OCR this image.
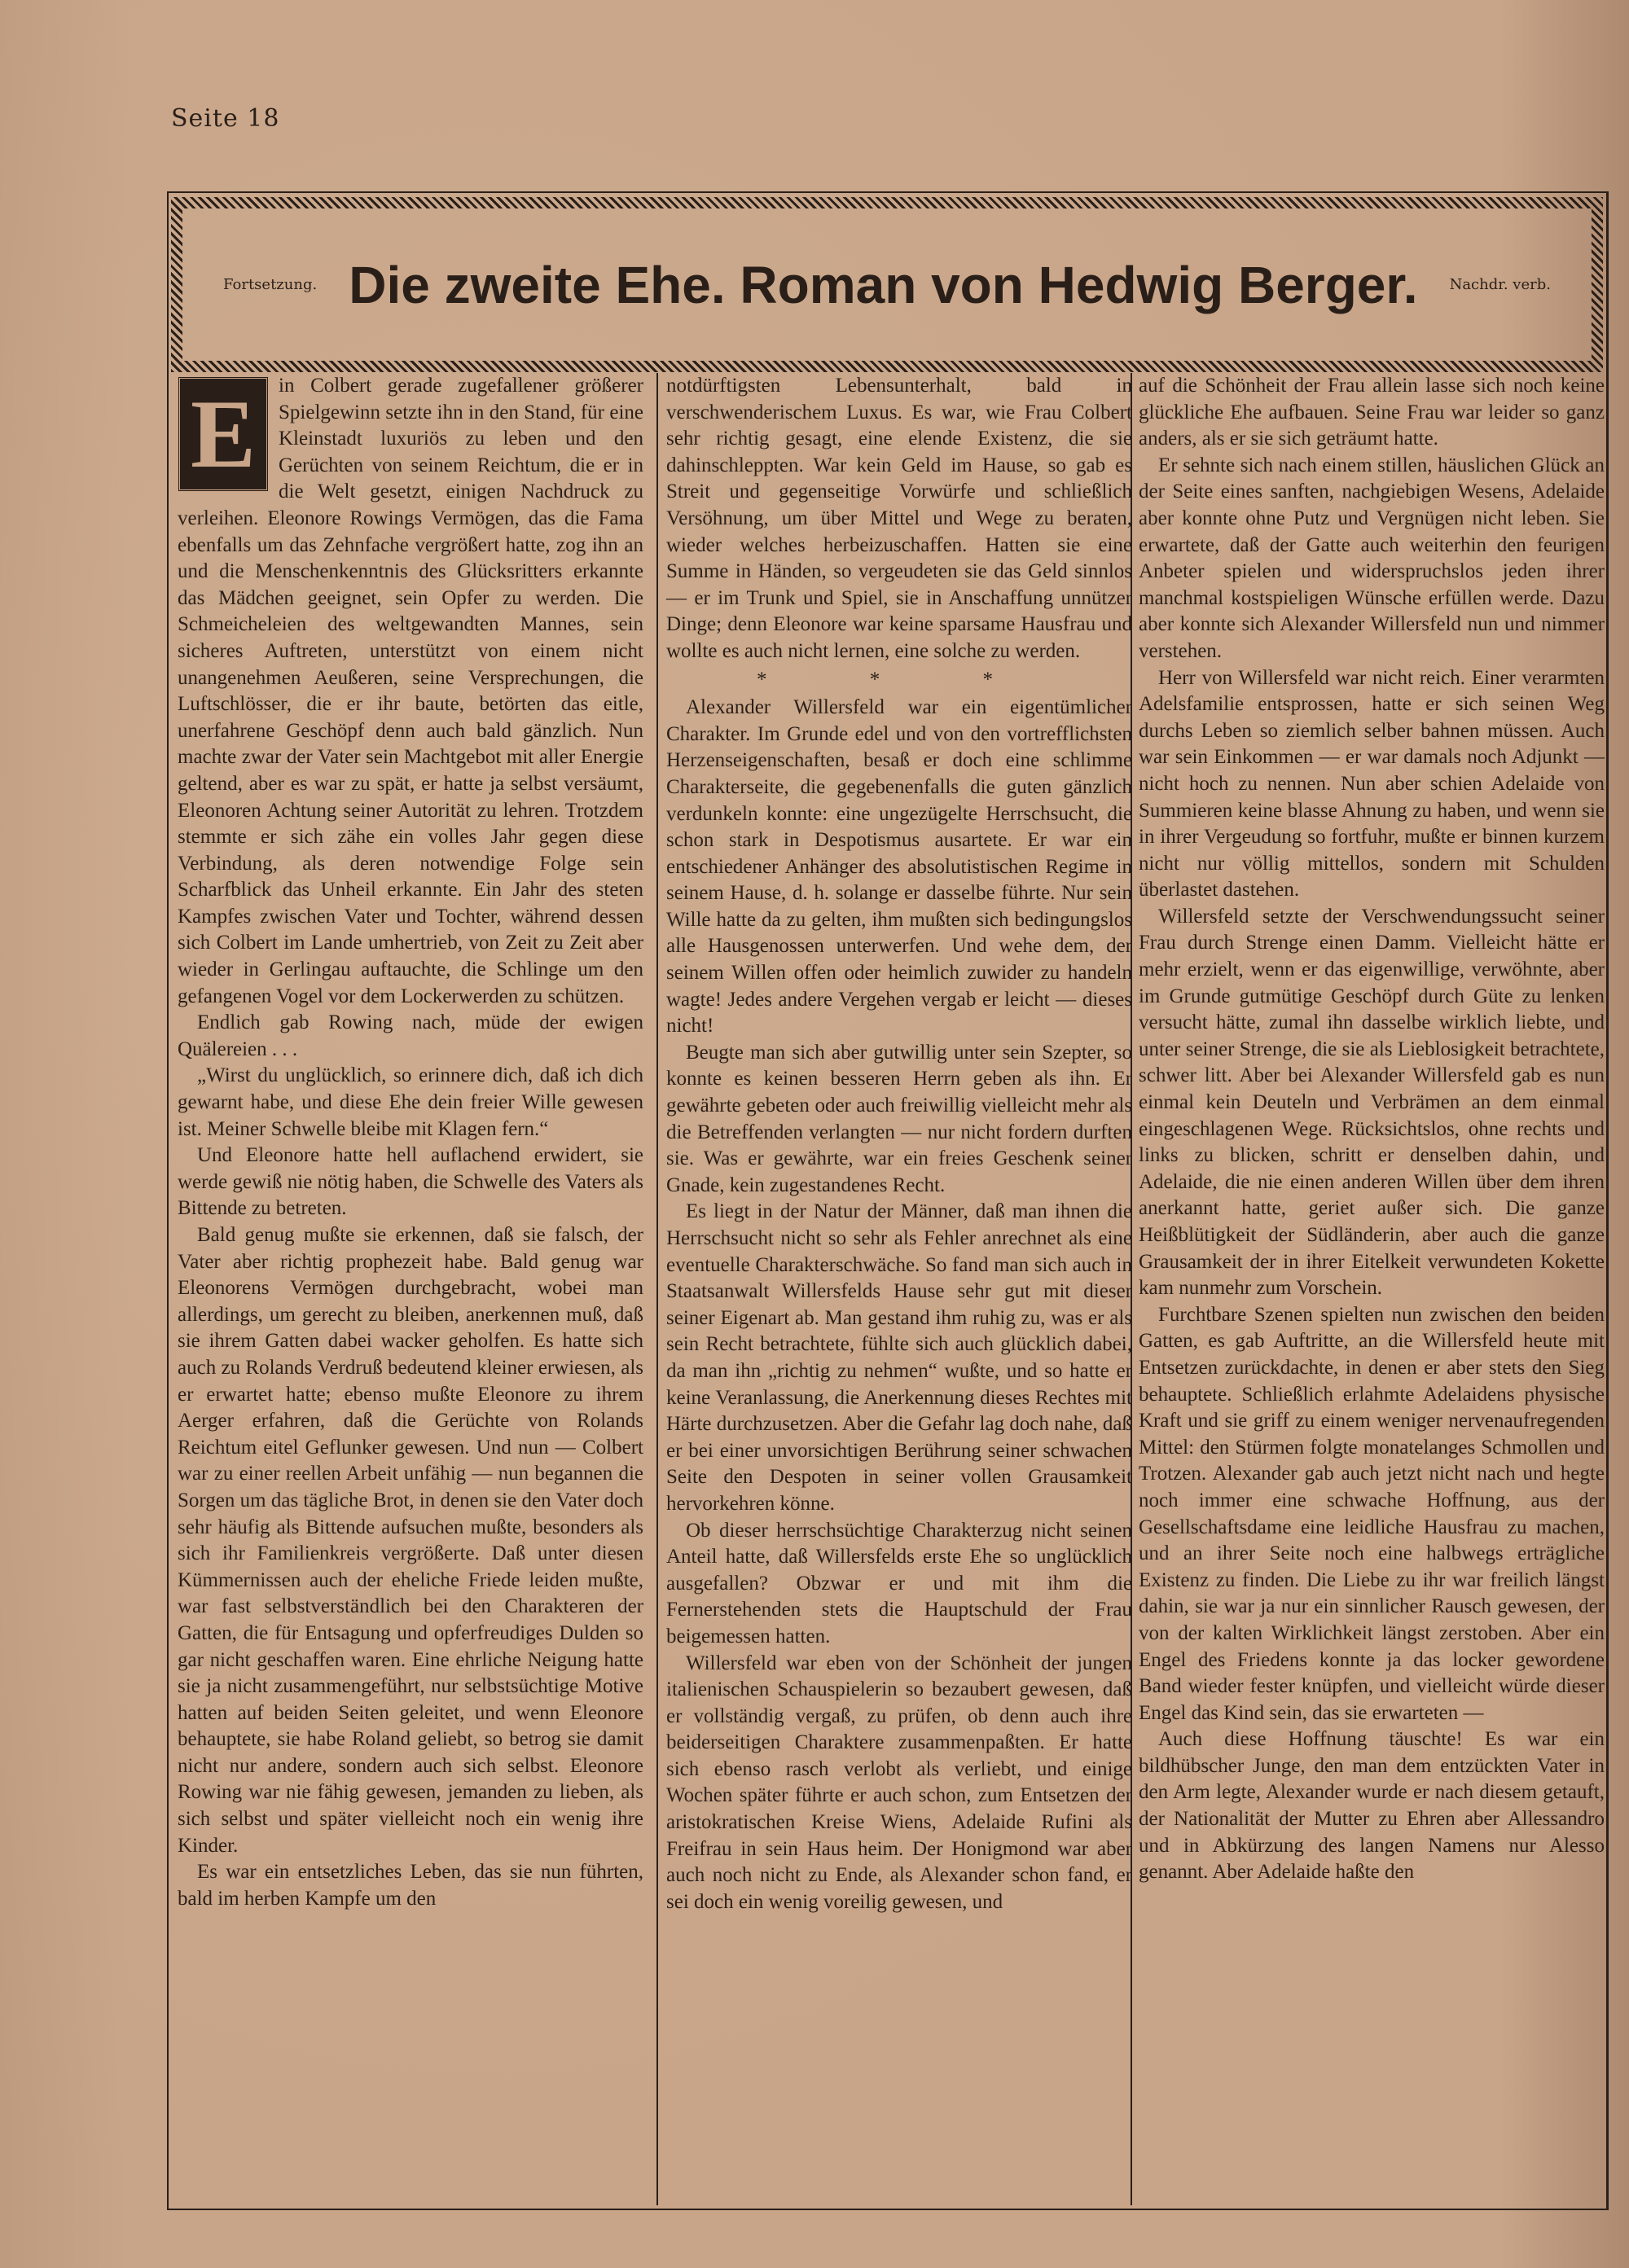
Seite 18
Fortsetzung. Die zweite Ehe. Roman von Hedwig Berger. Nachdr. verb.
E	in Colbert gerade zugefallener größerer Spielgewinn setzte ihn in den Stand, für eine Kleinstadt luxuriös zu leben und den Gerüchten von seinem Reichtum, die er in die Welt gesetzt, einigen Nachdruck zu verleihen. Eleonore Rowings Vermögen, das die Fama ebenfalls um das Zehnfache vergrößert hatte, zog ihn an und die Menschenkenntnis des Glücksritters erkannte das Mädchen geeignet, sein Opfer zu werden. Die Schmeicheleien des weltgewandten Mannes, sein sicheres Auftreten, unterstützt von einem nicht unangenehmen Aeußeren, seine Versprechungen, die Luftschlösser, die er ihr baute, betörten das eitle, unerfahrene Geschöpf denn auch bald gänzlich. Nun machte zwar der Vater sein Machtgebot mit aller Energie geltend, aber es war zu spät, er hatte ja selbst versäumt, Eleonoren Achtung seiner Autorität zu lehren. Trotzdem stemmte er sich zähe ein volles Jahr gegen diese Verbindung, als deren notwendige Folge sein Scharfblick das Unheil erkannte. Ein Jahr des steten Kampfes zwischen Vater und Tochter, während dessen sich Colbert im Lande umhertrieb, von Zeit zu Zeit aber wieder in Gerlingau auftauchte, die Schlinge um den gefangenen Vogel vor dem Lockerwerden zu schützen.

Endlich gab Rowing nach, müde der ewigen Quälereien . . .

„Wirst du unglücklich, so erinnere dich, daß ich dich gewarnt habe, und diese Ehe dein freier Wille gewesen ist. Meiner Schwelle bleibe mit Klagen fern.“

Und Eleonore hatte hell auflachend erwidert, sie werde gewiß nie nötig haben, die Schwelle des Vaters als Bittende zu betreten.

Bald genug mußte sie erkennen, daß sie falsch, der Vater aber richtig prophezeit habe. Bald genug war Eleonorens Vermögen durchgebracht, wobei man allerdings, um gerecht zu bleiben, anerkennen muß, daß sie ihrem Gatten dabei wacker geholfen. Es hatte sich auch zu Rolands Verdruß bedeutend kleiner erwiesen, als er erwartet hatte; ebenso mußte Eleonore zu ihrem Aerger erfahren, daß die Gerüchte von Rolands Reichtum eitel Geflunker gewesen. Und nun — Colbert war zu einer reellen Arbeit unfähig — nun begannen die Sorgen um das tägliche Brot, in denen sie den Vater doch sehr häufig als Bittende aufsuchen mußte, besonders als sich ihr Familienkreis vergrößerte. Daß unter diesen Kümmernissen auch der eheliche Friede leiden mußte, war fast selbstverständlich bei den Charakteren der Gatten, die für Entsagung und opferfreudiges Dulden so gar nicht geschaffen waren. Eine ehrliche Neigung hatte sie ja nicht zusammengeführt, nur selbstsüchtige Motive hatten auf beiden Seiten geleitet, und wenn Eleonore behauptete, sie habe Roland geliebt, so betrog sie damit nicht nur andere, sondern auch sich selbst. Eleonore Rowing war nie fähig gewesen, jemanden zu lieben, als sich selbst und später vielleicht noch ein wenig ihre Kinder.

Es war ein entsetzliches Leben, das sie nun führten, bald im herben Kampfe um den

notdürftigsten Lebensunterhalt, bald in verschwenderischem Luxus. Es war, wie Frau Colbert sehr richtig gesagt, eine elende Existenz, die sie dahinschleppten. War kein Geld im Hause, so gab es Streit und gegenseitige Vorwürfe und schließlich Versöhnung, um über Mittel und Wege zu beraten, wieder welches herbeizuschaffen. Hatten sie eine Summe in Händen, so vergeudeten sie das Geld sinnlos — er im Trunk und Spiel, sie in Anschaffung unnützer Dinge; denn Eleonore war keine sparsame Hausfrau und wollte es auch nicht lernen, eine solche zu werden.

* * *

Alexander Willersfeld war ein eigentümlicher Charakter. Im Grunde edel und von den vortrefflichsten Herzenseigenschaften, besaß er doch eine schlimme Charakterseite, die gegebenenfalls die guten gänzlich verdunkeln konnte: eine ungezügelte Herrschsucht, die schon stark in Despotismus ausartete. Er war ein entschiedener Anhänger des absolutistischen Regime in seinem Hause, d. h. solange er dasselbe führte. Nur sein Wille hatte da zu gelten, ihm mußten sich bedingungslos alle Hausgenossen unterwerfen. Und wehe dem, der seinem Willen offen oder heimlich zuwider zu handeln wagte! Jedes andere Vergehen vergab er leicht — dieses nicht!

Beugte man sich aber gutwillig unter sein Szepter, so konnte es keinen besseren Herrn geben als ihn. Er gewährte gebeten oder auch freiwillig vielleicht mehr als die Betreffenden verlangten — nur nicht fordern durften sie. Was er gewährte, war ein freies Geschenk seiner Gnade, kein zugestandenes Recht.

Es liegt in der Natur der Männer, daß man ihnen die Herrschsucht nicht so sehr als Fehler anrechnet als eine eventuelle Charakterschwäche. So fand man sich auch in Staatsanwalt Willersfelds Hause sehr gut mit dieser seiner Eigenart ab. Man gestand ihm ruhig zu, was er als sein Recht betrachtete, fühlte sich auch glücklich dabei, da man ihn „richtig zu nehmen“ wußte, und so hatte er keine Veranlassung, die Anerkennung dieses Rechtes mit Härte durchzusetzen. Aber die Gefahr lag doch nahe, daß er bei einer unvorsichtigen Berührung seiner schwachen Seite den Despoten in seiner vollen Grausamkeit hervorkehren könne.

Ob dieser herrschsüchtige Charakterzug nicht seinen Anteil hatte, daß Willersfelds erste Ehe so unglücklich ausgefallen? Obzwar er und mit ihm die Fernerstehenden stets die Hauptschuld der Frau beigemessen hatten.

Willersfeld war eben von der Schönheit der jungen italienischen Schauspielerin so bezaubert gewesen, daß er vollständig vergaß, zu prüfen, ob denn auch ihre beiderseitigen Charaktere zusammenpaßten. Er hatte sich ebenso rasch verlobt als verliebt, und einige Wochen später führte er auch schon, zum Entsetzen der aristokratischen Kreise Wiens, Adelaide Rufini als Freifrau in sein Haus heim. Der Honigmond war aber auch noch nicht zu Ende, als Alexander schon fand, er sei doch ein wenig voreilig gewesen, und

auf die Schönheit der Frau allein lasse sich noch keine glückliche Ehe aufbauen. Seine Frau war leider so ganz anders, als er sie sich geträumt hatte.

Er sehnte sich nach einem stillen, häuslichen Glück an der Seite eines sanften, nachgiebigen Wesens, Adelaide aber konnte ohne Putz und Vergnügen nicht leben. Sie erwartete, daß der Gatte auch weiterhin den feurigen Anbeter spielen und widerspruchslos jeden ihrer manchmal kostspieligen Wünsche erfüllen werde. Dazu aber konnte sich Alexander Willersfeld nun und nimmer verstehen.

Herr von Willersfeld war nicht reich. Einer verarmten Adelsfamilie entsprossen, hatte er sich seinen Weg durchs Leben so ziemlich selber bahnen müssen. Auch war sein Einkommen — er war damals noch Adjunkt — nicht hoch zu nennen. Nun aber schien Adelaide von Summieren keine blasse Ahnung zu haben, und wenn sie in ihrer Vergeudung so fortfuhr, mußte er binnen kurzem nicht nur völlig mittellos, sondern mit Schulden überlastet dastehen.

Willersfeld setzte der Verschwendungssucht seiner Frau durch Strenge einen Damm. Vielleicht hätte er mehr erzielt, wenn er das eigenwillige, verwöhnte, aber im Grunde gutmütige Geschöpf durch Güte zu lenken versucht hätte, zumal ihn dasselbe wirklich liebte, und unter seiner Strenge, die sie als Lieblosigkeit betrachtete, schwer litt. Aber bei Alexander Willersfeld gab es nun einmal kein Deuteln und Verbrämen an dem einmal eingeschlagenen Wege. Rücksichtslos, ohne rechts und links zu blicken, schritt er denselben dahin, und Adelaide, die nie einen anderen Willen über dem ihren anerkannt hatte, geriet außer sich. Die ganze Heißblütigkeit der Südländerin, aber auch die ganze Grausamkeit der in ihrer Eitelkeit verwundeten Kokette kam nunmehr zum Vorschein.

Furchtbare Szenen spielten nun zwischen den beiden Gatten, es gab Auftritte, an die Willersfeld heute mit Entsetzen zurückdachte, in denen er aber stets den Sieg behauptete. Schließlich erlahmte Adelaidens physische Kraft und sie griff zu einem weniger nervenaufregenden Mittel: den Stürmen folgte monatelanges Schmollen und Trotzen. Alexander gab auch jetzt nicht nach und hegte noch immer eine schwache Hoffnung, aus der Gesellschaftsdame eine leidliche Hausfrau zu machen, und an ihrer Seite noch eine halbwegs erträgliche Existenz zu finden. Die Liebe zu ihr war freilich längst dahin, sie war ja nur ein sinnlicher Rausch gewesen, der von der kalten Wirklichkeit längst zerstoben. Aber ein Engel des Friedens konnte ja das locker gewordene Band wieder fester knüpfen, und vielleicht würde dieser Engel das Kind sein, das sie erwarteten —

Auch diese Hoffnung täuschte! Es war ein bildhübscher Junge, den man dem entzückten Vater in den Arm legte, Alexander wurde er nach diesem getauft, der Nationalität der Mutter zu Ehren aber Allessandro und in Abkürzung des langen Namens nur Alesso genannt. Aber Adelaide haßte den
